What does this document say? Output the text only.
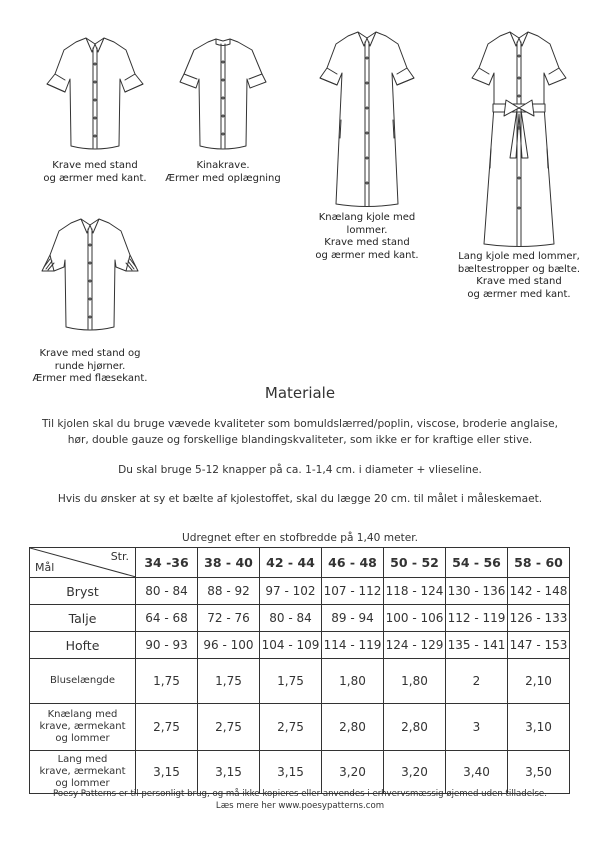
Krave med stand
og ærmer med kant.
Kinakrave.
Ærmer med oplægning
Knælang kjole med lommer.
Krave med stand
og ærmer med kant.	Lang kjole med lommer,
bæltestropper og bælte.
Krave med stand
og ærmer med kant.
Krave med stand og
runde hjørner.
Ærmer med flæsekant.
Materiale
Til kjolen skal du bruge vævede kvaliteter som bomuldslærred/poplin, viscose, broderie anglaise, hør, double gauze og forskellige blandingskvaliteter, som ikke er for kraftige eller stive.
Du skal bruge 5-12 knapper på ca. 1-1,4 cm. i diameter + vlieseline.
Hvis du ønsker at sy et bælte af kjolestoffet, skal du lægge 20 cm. til målet i måleskemaet.
Udregnet efter en stofbredde på 1,40 meter.
Str.
Mål	34 -36	38 - 40	42 - 44	46 - 48	50 - 52	54 - 56	58 - 60
Bryst	80 - 84	88 - 92	97 - 102	107 - 112	118 - 124	130 - 136	142 - 148
Talje	64 - 68	72 - 76	80 - 84	89 - 94	100 - 106	112 - 119	126 - 133
Hofte	90 - 93	96 - 100	104 - 109	114 - 119	124 - 129	135 - 141	147 - 153
Bluselængde	1,75	1,75	1,75	1,80	1,80	2	2,10
Knælang med
krave, ærmekant
og lommer	2,75	2,75	2,75	2,80	2,80	3	3,10
Lang med
krave, ærmekant
og lommer	3,15	3,15	3,15	3,20	3,20	3,40	3,50
Poesy Patterns er til personligt brug, og må ikke kopieres eller anvendes i erhvervsmæssig øjemed uden tilladelse.
Læs mere her www.poesypatterns.com
